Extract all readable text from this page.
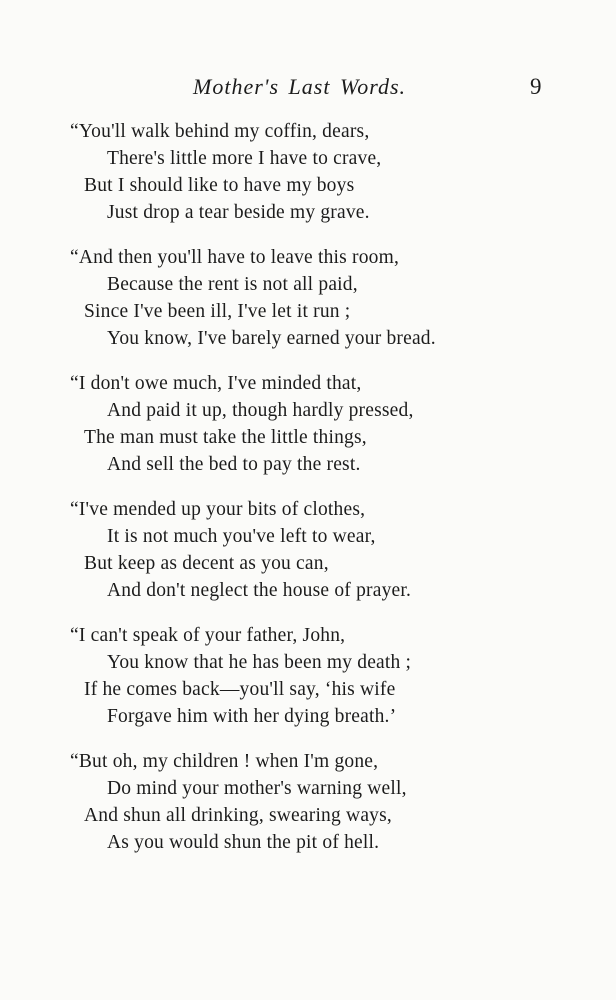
Mother's Last Words.	9
“You'll walk behind my coffin, dears,
There's little more I have to crave,
But I should like to have my boys
Just drop a tear beside my grave.
“And then you'll have to leave this room,
Because the rent is not all paid,
Since I've been ill, I've let it run ;
You know, I've barely earned your bread.
“I don't owe much, I've minded that,
And paid it up, though hardly pressed,
The man must take the little things,
And sell the bed to pay the rest.
“I've mended up your bits of clothes,
It is not much you've left to wear,
But keep as decent as you can,
And don't neglect the house of prayer.
“I can't speak of your father, John,
You know that he has been my death ;
If he comes back—you'll say, ‘his wife
Forgave him with her dying breath.’
“But oh, my children ! when I'm gone,
Do mind your mother's warning well,
And shun all drinking, swearing ways,
As you would shun the pit of hell.
